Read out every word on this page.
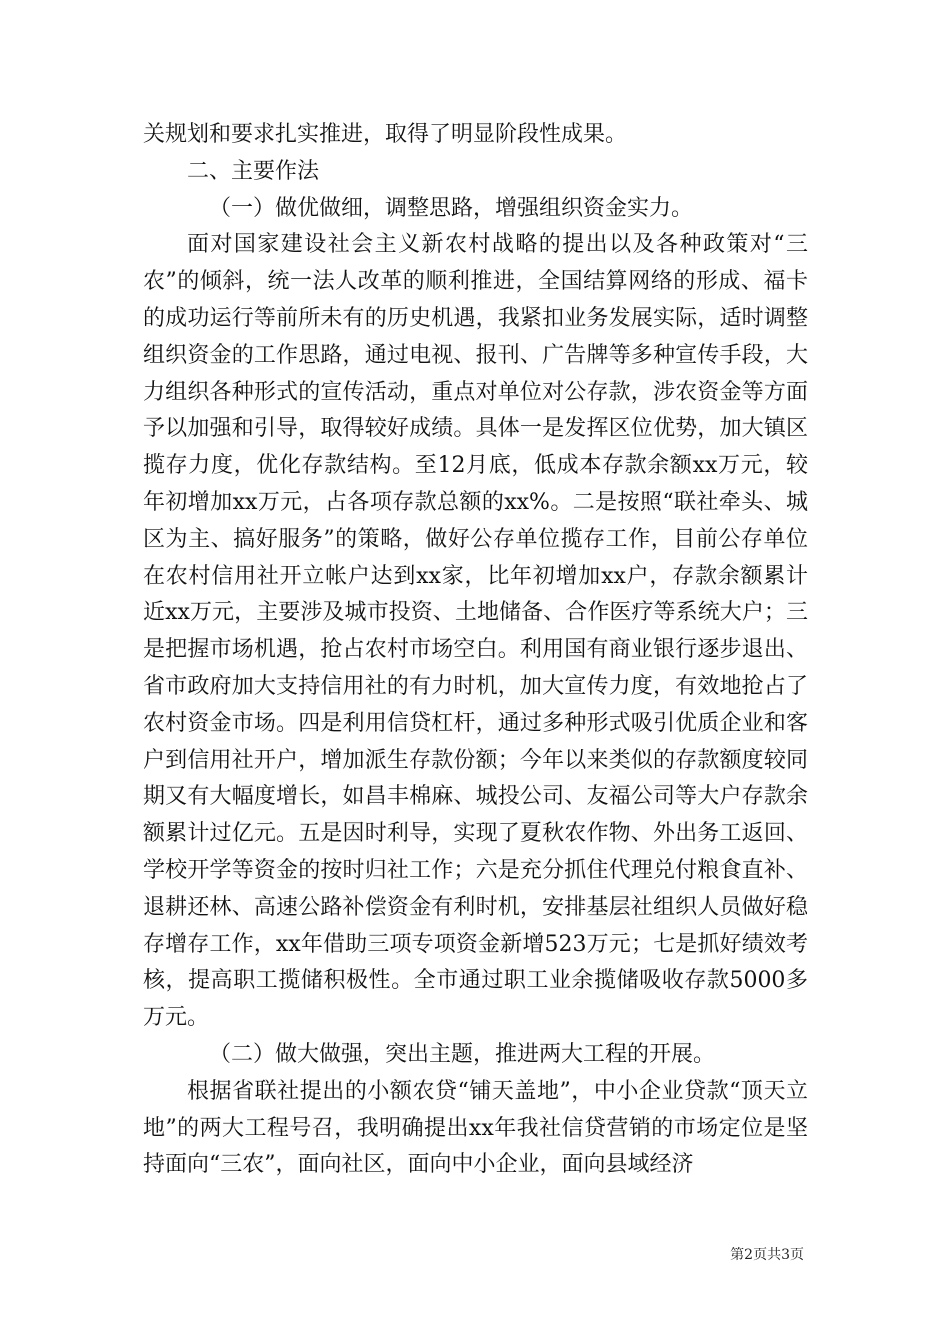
关规划和要求扎实推进，取得了明显阶段性成果。

二、主要作法

（一）做优做细，调整思路，增强组织资金实力。

面对国家建设社会主义新农村战略的提出以及各种政策对“三农”的倾斜，统一法人改革的顺利推进，全国结算网络的形成、福卡的成功运行等前所未有的历史机遇，我紧扣业务发展实际，适时调整组织资金的工作思路，通过电视、报刊、广告牌等多种宣传手段，大力组织各种形式的宣传活动，重点对单位对公存款，涉农资金等方面予以加强和引导，取得较好成绩。具体一是发挥区位优势，加大镇区揽存力度，优化存款结构。至12月底，低成本存款余额xx万元，较年初增加xx万元，占各项存款总额的xx%。二是按照“联社牵头、城区为主、搞好服务”的策略，做好公存单位揽存工作，目前公存单位在农村信用社开立帐户达到xx家，比年初增加xx户，存款余额累计近xx万元，主要涉及城市投资、土地储备、合作医疗等系统大户；三是把握市场机遇，抢占农村市场空白。利用国有商业银行逐步退出、省市政府加大支持信用社的有力时机，加大宣传力度，有效地抢占了农村资金市场。四是利用信贷杠杆，通过多种形式吸引优质企业和客户到信用社开户，增加派生存款份额；今年以来类似的存款额度较同期又有大幅度增长，如昌丰棉麻、城投公司、友福公司等大户存款余额累计过亿元。五是因时利导，实现了夏秋农作物、外出务工返回、学校开学等资金的按时归社工作；六是充分抓住代理兑付粮食直补、退耕还林、高速公路补偿资金有利时机，安排基层社组织人员做好稳存增存工作，xx年借助三项专项资金新增523万元；七是抓好绩效考核，提高职工揽储积极性。全市通过职工业余揽储吸收存款5000多万元。

（二）做大做强，突出主题，推进两大工程的开展。

根据省联社提出的小额农贷“铺天盖地”，中小企业贷款“顶天立地”的两大工程号召，我明确提出xx年我社信贷营销的市场定位是坚持面向“三农”，面向社区，面向中小企业，面向县域经济

第2页共3页
